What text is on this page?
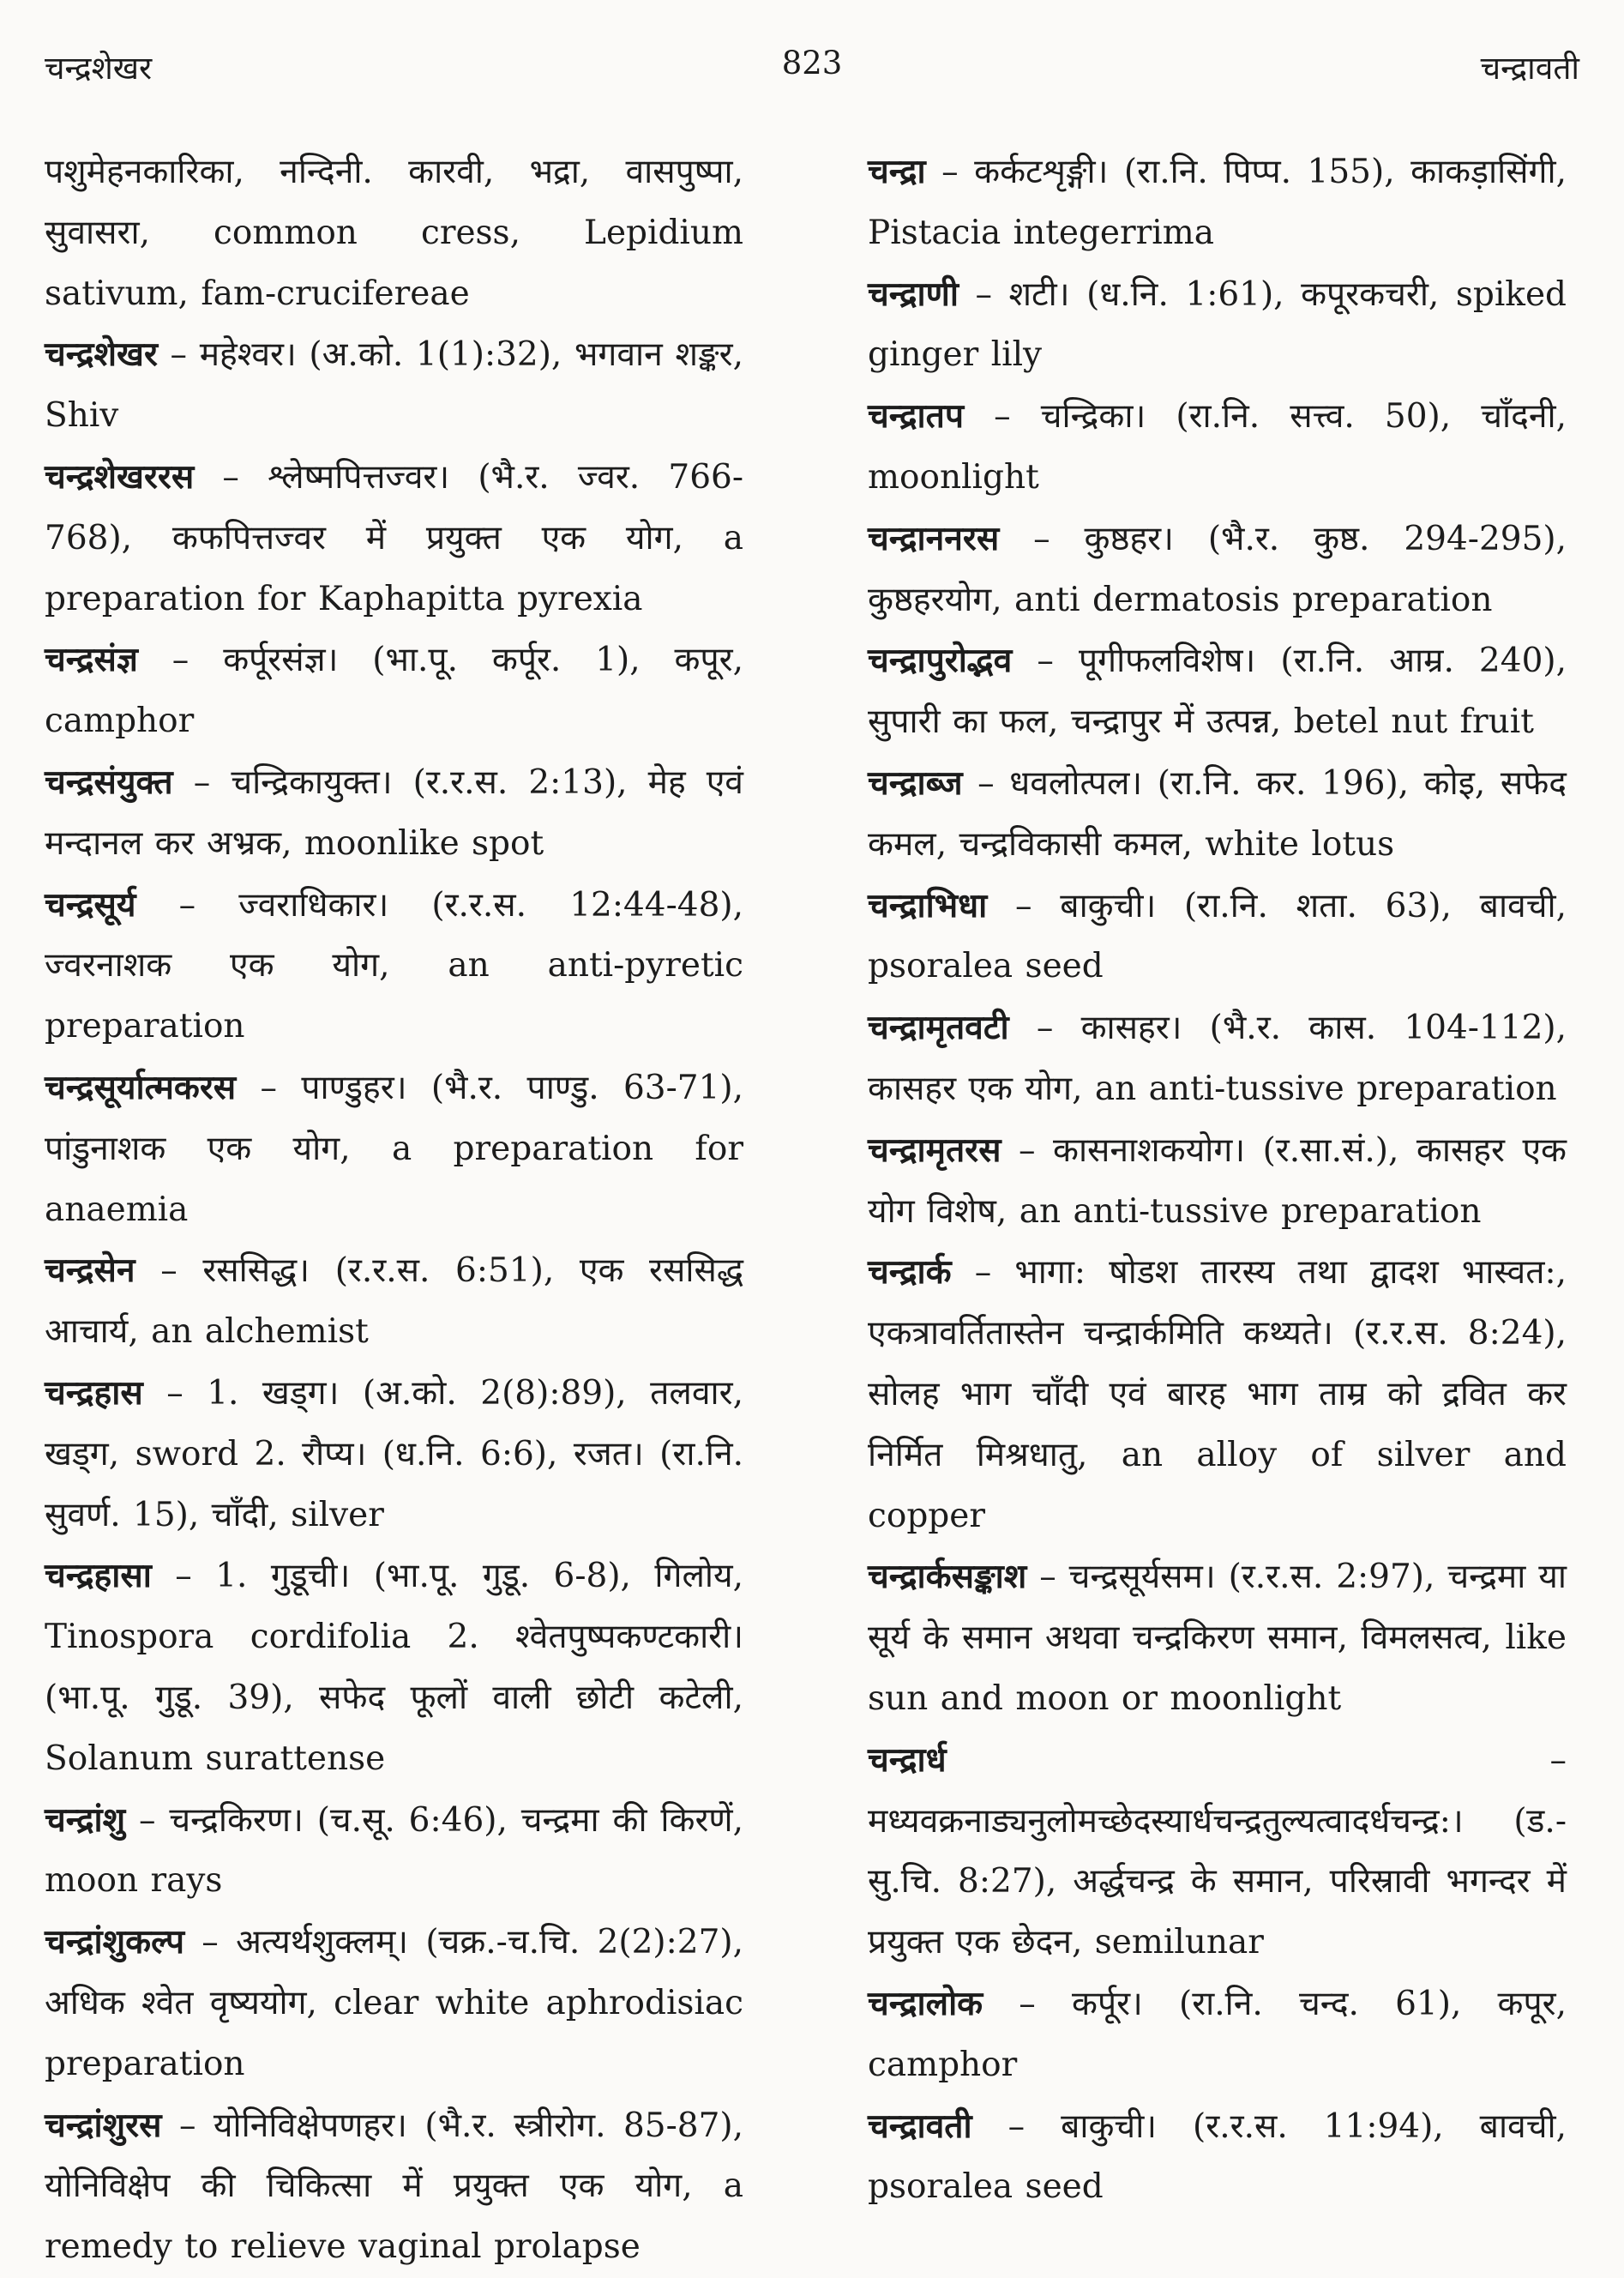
चन्द्रशेखर	823	चन्द्रावती

पशुमेहनकारिका, नन्दिनी. कारवी, भद्रा, वासपुष्पा, सुवासरा, common cress, Lepidium sativum, fam-crucifereae

चन्द्रशेखर – महेश्वर। (अ.को. 1(1):32), भगवान शङ्कर, Shiv

चन्द्रशेखररस – श्लेष्मपित्तज्वर। (भै.र. ज्वर. 766-768), कफपित्तज्वर में प्रयुक्त एक योग, a preparation for Kaphapitta pyrexia

चन्द्रसंज्ञ – कर्पूरसंज्ञ। (भा.पू. कर्पूर. 1), कपूर, camphor

चन्द्रसंयुक्त – चन्द्रिकायुक्त। (र.र.स. 2:13), मेह एवं मन्दानल कर अभ्रक, moonlike spot

चन्द्रसूर्य – ज्वराधिकार। (र.र.स. 12:44-48), ज्वरनाशक एक योग, an anti-pyretic preparation

चन्द्रसूर्यात्मकरस – पाण्डुहर। (भै.र. पाण्डु. 63-71), पांडुनाशक एक योग, a preparation for anaemia

चन्द्रसेन – रससिद्ध। (र.र.स. 6:51), एक रससिद्ध आचार्य, an alchemist

चन्द्रहास – 1. खड्ग। (अ.को. 2(8):89), तलवार, खड्ग, sword 2. रौप्य। (ध.नि. 6:6), रजत। (रा.नि. सुवर्ण. 15), चाँदी, silver

चन्द्रहासा – 1. गुडूची। (भा.पू. गुडू. 6-8), गिलोय, Tinospora cordifolia 2. श्वेतपुष्पकण्टकारी। (भा.पू. गुडू. 39), सफेद फूलों वाली छोटी कटेली, Solanum surattense

चन्द्रांशु – चन्द्रकिरण। (च.सू. 6:46), चन्द्रमा की किरणें, moon rays

चन्द्रांशुकल्प – अत्यर्थशुक्लम्। (चक्र.-च.चि. 2(2):27), अधिक श्वेत वृष्ययोग, clear white aphrodisiac preparation

चन्द्रांशुरस – योनिविक्षेपणहर। (भै.र. स्त्रीरोग. 85-87), योनिविक्षेप की चिकित्सा में प्रयुक्त एक योग, a remedy to relieve vaginal prolapse

चन्द्रा – कर्कटशृङ्गी। (रा.नि. पिप्प. 155), काकड़ासिंगी, Pistacia integerrima

चन्द्राणी – शटी। (ध.नि. 1:61), कपूरकचरी, spiked ginger lily

चन्द्रातप – चन्द्रिका। (रा.नि. सत्त्व. 50), चाँदनी, moonlight

चन्द्राननरस – कुष्ठहर। (भै.र. कुष्ठ. 294-295), कुष्ठहरयोग, anti dermatosis preparation

चन्द्रापुरोद्भव – पूगीफलविशेष। (रा.नि. आम्र. 240), सुपारी का फल, चन्द्रापुर में उत्पन्न, betel nut fruit

चन्द्राब्ज – धवलोत्पल। (रा.नि. कर. 196), कोइ, सफेद कमल, चन्द्रविकासी कमल, white lotus

चन्द्राभिधा – बाकुची। (रा.नि. शता. 63), बावची, psoralea seed

चन्द्रामृतवटी – कासहर। (भै.र. कास. 104-112), कासहर एक योग, an anti-tussive preparation

चन्द्रामृतरस – कासनाशकयोग। (र.सा.सं.), कासहर एक योग विशेष, an anti-tussive preparation

चन्द्रार्क – भागा: षोडश तारस्य तथा द्वादश भास्वत:, एकत्रावर्तितास्तेन चन्द्रार्कमिति कथ्यते। (र.र.स. 8:24), सोलह भाग चाँदी एवं बारह भाग ताम्र को द्रवित कर निर्मित मिश्रधातु, an alloy of silver and copper

चन्द्रार्कसङ्काश – चन्द्रसूर्यसम। (र.र.स. 2:97), चन्द्रमा या सूर्य के समान अथवा चन्द्रकिरण समान, विमलसत्व, like sun and moon or moonlight

चन्द्रार्ध – मध्यवक्रनाड्यनुलोमच्छेदस्यार्धचन्द्रतुल्यत्वादर्धचन्द्र:। (ड.-सु.चि. 8:27), अर्द्धचन्द्र के समान, परिस्रावी भगन्दर में प्रयुक्त एक छेदन, semilunar

चन्द्रालोक – कर्पूर। (रा.नि. चन्द. 61), कपूर, camphor

चन्द्रावती – बाकुची। (र.र.स. 11:94), बावची, psoralea seed
